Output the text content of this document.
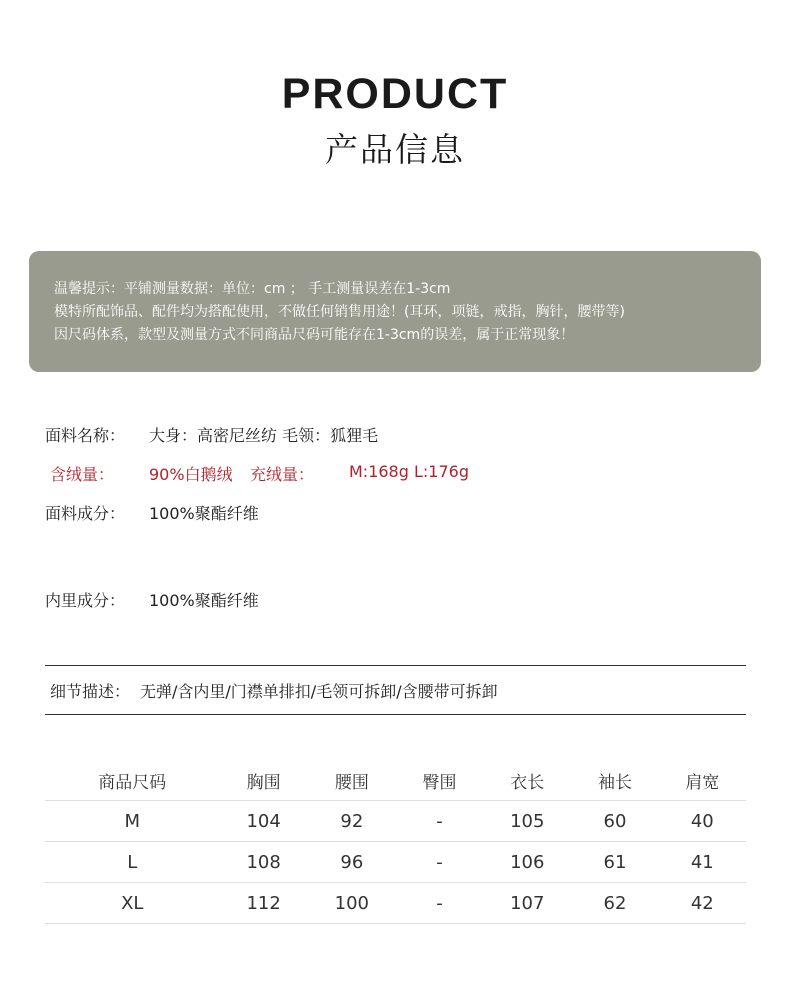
PRODUCT
产品信息
温馨提示：平铺测量数据：单位：cm ； 手工测量误差在1-3cm
模特所配饰品、配件均为搭配使用，不做任何销售用途！(耳环，项链，戒指，胸针，腰带等)
因尺码体系，款型及测量方式不同商品尺码可能存在1-3cm的误差，属于正常现象！
面料名称： 大身：高密尼丝纺 毛领：狐狸毛
含绒量： 90%白鹅绒 充绒量： M:168g L:176g
面料成分： 100%聚酯纤维
内里成分： 100%聚酯纤维
细节描述： 无弹/含内里/门襟单排扣/毛领可拆卸/含腰带可拆卸
商品尺码	胸围	腰围	臀围	衣长	袖长	肩宽
M	104	92	-	105	60	40
L	108	96	-	106	61	41
XL	112	100	-	107	62	42
